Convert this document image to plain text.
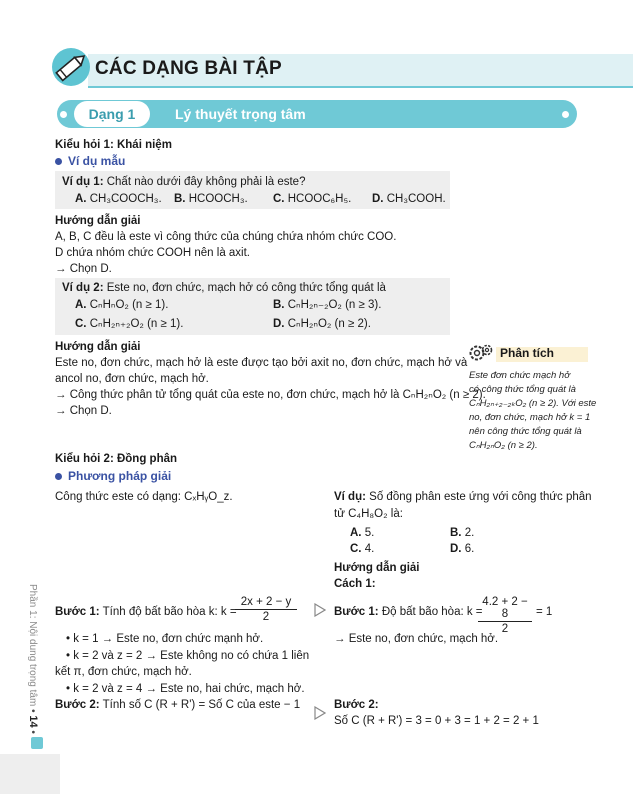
CÁC DẠNG BÀI TẬP
Dạng 1	Lý thuyết trọng tâm
Kiểu hỏi 1: Khái niệm
Ví dụ mẫu
Ví dụ 1: Chất nào dưới đây không phải là este?
A. CH₃COOCH₃. B. HCOOCH₃. C. HCOOC₆H₅. D. CH₃COOH.
Hướng dẫn giải
A, B, C đều là este vì công thức của chúng chứa nhóm chức COO.
D chứa nhóm chức COOH nên là axit.
→ Chọn D.
Ví dụ 2: Este no, đơn chức, mạch hở có công thức tổng quát là
A. CₙHₙO₂ (n ≥ 1).	B. CₙH₂ₙ₋₂O₂ (n ≥ 3).
C. CₙH₂ₙ₊₂O₂ (n ≥ 1).	D. CₙH₂ₙO₂ (n ≥ 2).
Hướng dẫn giải
Este no, đơn chức, mạch hở là este được tạo bởi axit no, đơn chức, mạch hở và
ancol no, đơn chức, mạch hở.
→ Công thức phân tử tổng quát của este no, đơn chức, mạch hở là CₙH₂ₙO₂ (n ≥ 2).
→ Chọn D.
Phân tích
Este đơn chức mạch hở
có công thức tổng quát là
CₙH₂ₙ₊₂₋₂ₖO₂ (n ≥ 2). Với este
no, đơn chức, mạch hở k = 1
nên công thức tổng quát là
CₙH₂ₙO₂ (n ≥ 2).
Kiểu hỏi 2: Đồng phân
Phương pháp giải
Công thức este có dạng: CₓHᵧO_z.	Ví dụ: Số đồng phân este ứng với công thức phân
tử C₄H₈O₂ là:
A. 5.	B. 2.
C. 4.	D. 6.
Hướng dẫn giải
Cách 1:
Bước 1: Tính độ bất bão hòa k: k =
2x + 2 − y
2	Bước 1: Độ bất bão hòa: k =
4.2 + 2 − 8
2
= 1
• k = 1 → Este no, đơn chức mạnh hở.	→ Este no, đơn chức, mạch hở.
• k = 2 và z = 2 → Este không no có chứa 1 liên
kết π, đơn chức, mạch hở.
• k = 2 và z = 4 → Este no, hai chức, mạch hở.
Bước 2: Tính số C (R + R') = Số C của este − 1	Bước 2:
Số C (R + R') = 3 = 0 + 3 = 1 + 2 = 2 + 1
Phần 1: Nội dung trọng tâm • 14 •
